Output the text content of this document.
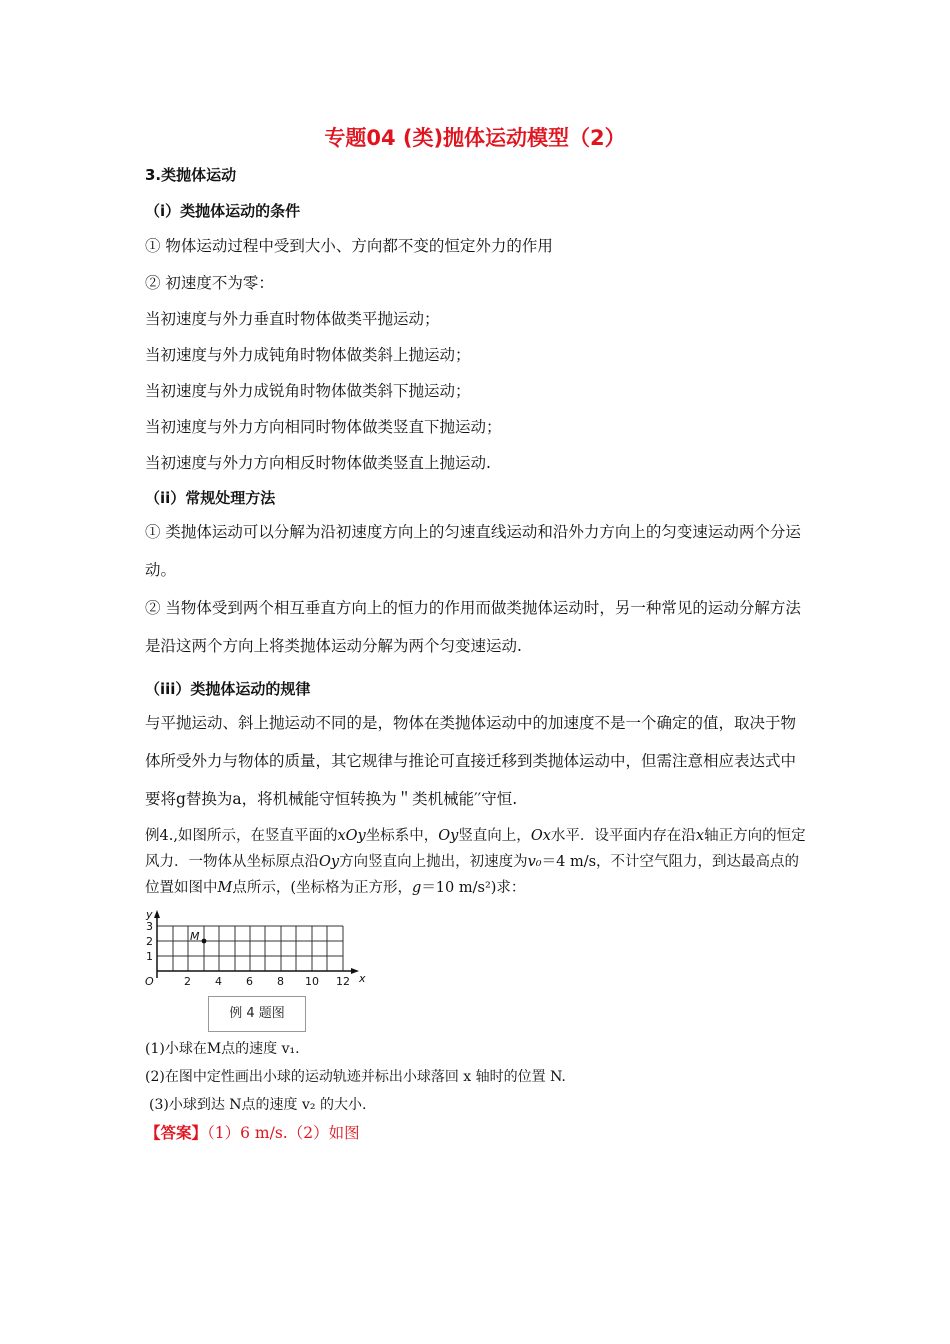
专题04 (类)抛体运动模型（2）
3.类抛体运动
（i）类抛体运动的条件
① 物体运动过程中受到大小、方向都不变的恒定外力的作用
② 初速度不为零：
当初速度与外力垂直时物体做类平抛运动；
当初速度与外力成钝角时物体做类斜上抛运动；
当初速度与外力成锐角时物体做类斜下抛运动；
当初速度与外力方向相同时物体做类竖直下抛运动；
当初速度与外力方向相反时物体做类竖直上抛运动.
（ii）常规处理方法
① 类抛体运动可以分解为沿初速度方向上的匀速直线运动和沿外力方向上的匀变速运动两个分运动。
② 当物体受到两个相互垂直方向上的恒力的作用而做类抛体运动时，另一种常见的运动分解方法是沿这两个方向上将类抛体运动分解为两个匀变速运动.
（iii）类抛体运动的规律
与平抛运动、斜上抛运动不同的是，物体在类抛体运动中的加速度不是一个确定的值，取决于物体所受外力与物体的质量，其它规律与推论可直接迁移到类抛体运动中，但需注意相应表达式中要将g替换为a，将机械能守恒转换为＂类机械能′′守恒.
例4.,如图所示，在竖直平面的xOy坐标系中，Oy竖直向上，Ox水平．设平面内存在沿x轴正方向的恒定风力．一物体从坐标原点沿Oy方向竖直向上抛出，初速度为v₀＝4 m/s，不计空气阻力，到达最高点的位置如图中M点所示，(坐标格为正方形，g＝10 m/s²)求：
y
x
O
M
3
2
1
2 4 6 8 10 12
例 4 题图
(1)小球在M点的速度 v₁.
(2)在图中定性画出小球的运动轨迹并标出小球落回 x 轴时的位置 N.
(3)小球到达 N点的速度 v₂ 的大小.
【答案】（1）6 m/s.（2）如图
